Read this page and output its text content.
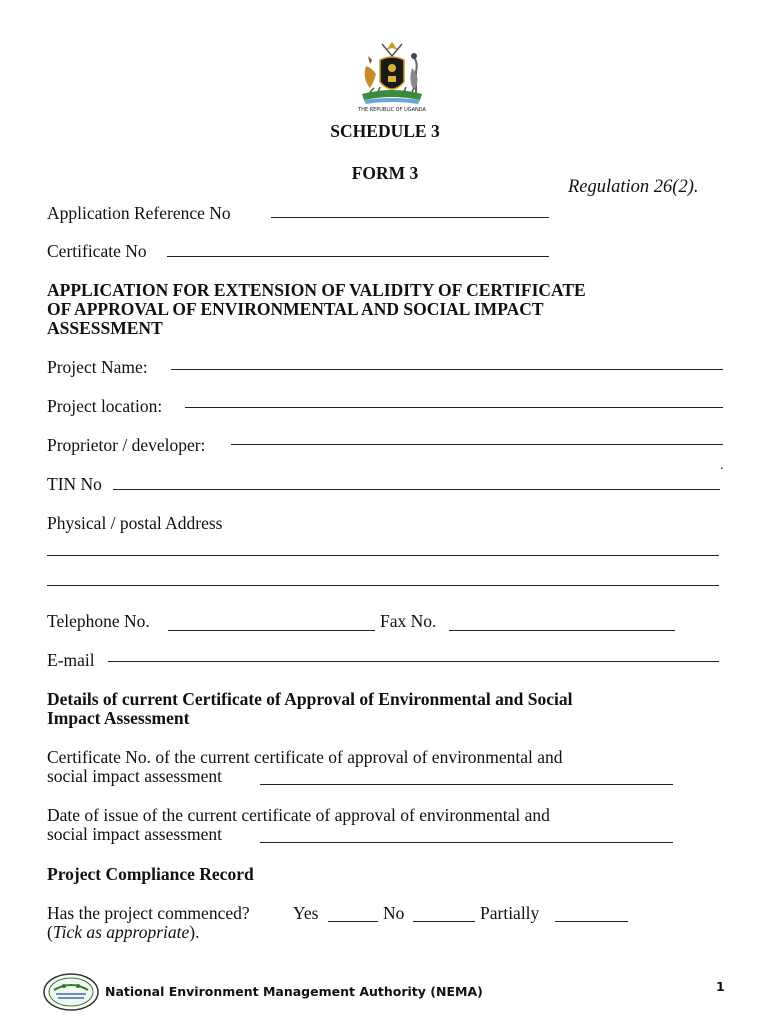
THE REPUBLIC OF UGANDA
SCHEDULE 3
FORM 3
Regulation 26(2).
Application Reference No
Certificate No
APPLICATION FOR EXTENSION OF VALIDITY OF CERTIFICATE
OF APPROVAL OF ENVIRONMENTAL AND SOCIAL IMPACT
ASSESSMENT
Project Name:
Project location:
Proprietor / developer:
.
TIN No
Physical / postal Address
Telephone No.	Fax No.
E-mail
Details of current Certificate of Approval of Environmental and Social
Impact Assessment
Certificate No. of the current certificate of approval of environmental and
social impact assessment
Date of issue of the current certificate of approval of environmental and
social impact assessment
Project Compliance Record
Has the project commenced? Yes	No	Partially
(Tick as appropriate).
National Environment Management Authority (NEMA)	1
